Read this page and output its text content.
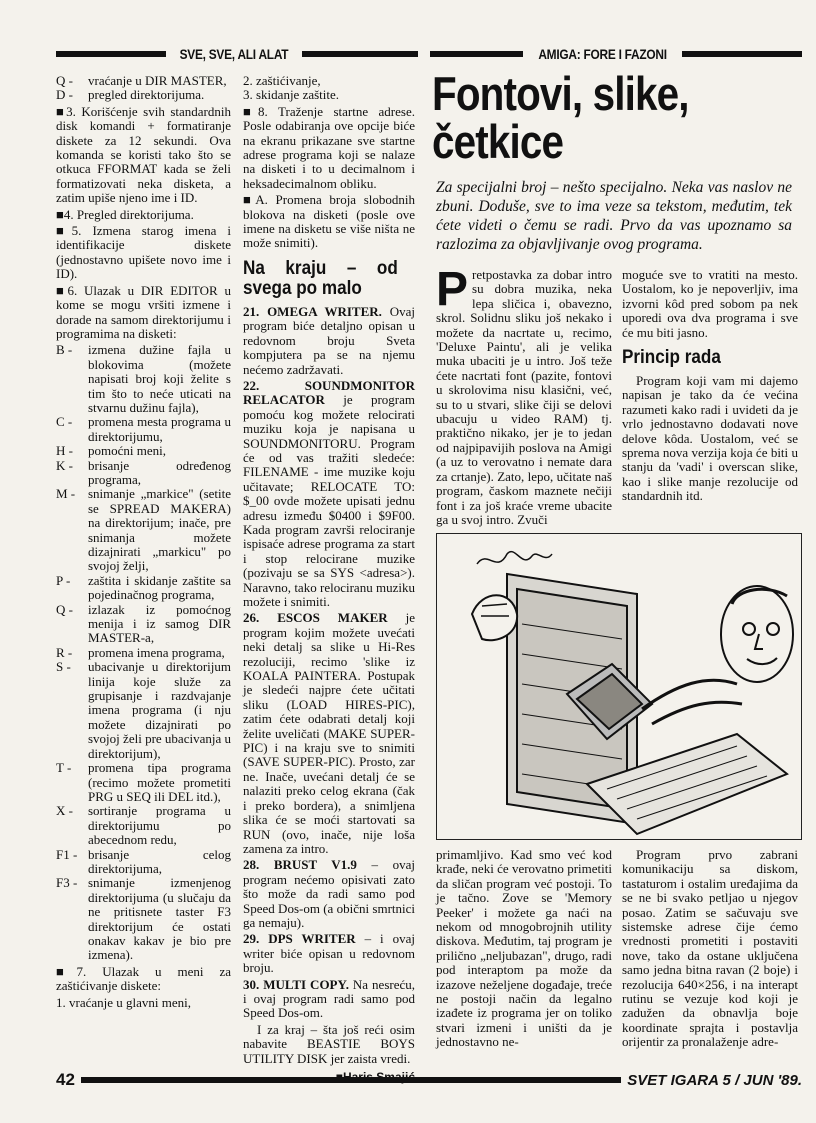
SVE, SVE, ALI ALAT	AMIGA: FORE I FAZONI
Q -	vraćanje u DIR MASTER,
D -	pregled direktorijuma.

■3. Korišćenje svih standardnih disk komandi + formatiranje diskete za 12 sekundi. Ova komanda se koristi tako što se otkuca FFORMAT kada se želi formatizovati neka disketa, a zatim upiše njeno ime i ID.

■4. Pregled direktorijuma.

■5. Izmena starog imena i identifikacije diskete (jednostavno upišete novo ime i ID).

■6. Ulazak u DIR EDITOR u kome se mogu vršiti izmene i dorade na samom direktorijumu i programima na disketi:

B -	izmena dužine fajla u blokovima (možete napisati broj koji želite s tim što to neće uticati na stvarnu dužinu fajla),
C -	promena mesta programa u direktorijumu,
H -	pomoćni meni,
K -	brisanje određenog programa,
M - snimanje „markice" (setite se SPREAD MAKERA) na direktorijum; inače, pre snimanja možete dizajnirati „markicu" po svojoj želji,
P -	zaštita i skidanje zaštite sa pojedinačnog programa,
Q -	izlazak iz pomoćnog menija i iz samog DIR MASTER-a,
R -	promena imena programa,
S -	ubacivanje u direktorijum linija koje služe za grupisanje i razdvajanje imena programa (i nju možete dizajnirati po svojoj želi pre ubacivanja u direktorijum),
T -	promena tipa programa (recimo možete prometiti PRG u SEQ ili DEL itd.),
X -	sortiranje programa u direktorijumu po abecednom redu,
F1 - brisanje celog direktorijuma,
F3 - snimanje izmenjenog direktorijuma (u slučaju da ne pritisnete taster F3 direktorijum će ostati onakav kakav je bio pre izmena).

■7. Ulazak u meni za zaštićivanje diskete:

1. vraćanje u glavni meni,
2. zaštićivanje,
3. skidanje zaštite.

■8. Traženje startne adrese. Posle odabiranja ove opcije biće na ekranu prikazane sve startne adrese programa koji se nalaze na disketi i to u decimalnom i heksadecimalnom obliku.

■A. Promena broja slobodnih blokova na disketi (posle ove imene na disketu se više ništa ne može snimiti).

Na kraju – od svega po malo

21. OMEGA WRITER. Ovaj program biće detaljno opisan u redovnom broju Sveta kompjutera pa se na njemu nećemo zadržavati.

22. SOUNDMONITOR RELACATOR je program pomoću kog možete relocirati muziku koja je napisana u SOUNDMONITORU. Program će od vas tražiti sledeće: FILENAME - ime muzike koju učitavate; RELOCATE TO: $_00 ovde možete upisati jednu adresu između $0400 i $9F00. Kada program završi relociranje ispisaće adrese programa za start i stop relocirane muzike (pozivaju se sa SYS <adresa>). Naravno, tako relociranu muziku možete i snimiti.

26. ESCOS MAKER je program kojim možete uvećati neki detalj sa slike u Hi-Res rezoluciji, recimo 'slike iz KOALA PAINTERA. Postupak je sledeći najpre ćete učitati sliku (LOAD HIRES-PIC), zatim ćete odabrati detalj koji želite uveličati (MAKE SUPER-PIC) i na kraju sve to snimiti (SAVE SUPER-PIC). Prosto, zar ne. Inače, uvećani detalj će se nalaziti preko celog ekrana (čak i preko bordera), a snimljena slika će se moći startovati sa RUN (ovo, inače, nije loša zamena za intro.

28. BRUST V1.9 – ovaj program nećemo opisivati zato što može da radi samo pod Speed Dos-om (a obični smrtnici ga nemaju).

29. DPS WRITER – i ovaj writer biće opisan u redovnom broju.

30. MULTI COPY. Na nesreću, i ovaj program radi samo pod Speed Dos-om.

I za kraj – šta još reći osim nabavite BEASTIE BOYS UTILITY DISK jer zaista vredi.

Fontovi, slike,
četkice
Za specijalni broj – nešto specijalno. Neka vas naslov ne zbuni. Doduše, sve to ima veze sa tekstom, međutim, tek ćete videti o čemu se radi. Prvo da vas upoznamo sa razlozima za objavljivanje ovog programa.
Pretpostavka za dobar intro su dobra muzika, neka lepa sličica i, obavezno, skrol. Solidnu sliku još nekako i možete da nacrtate u, recimo, 'Deluxe Paintu', ali je velika muka ubaciti je u intro. Još teže ćete nacrtati font (pazite, fontovi u skrolovima nisu klasični, već, su to u stvari, slike čiji se delovi ubacuju u video RAM) tj. praktično nikako, jer je to jedan od najpipavijih poslova na Amigi (a uz to verovatno i nemate dara za crtanje). Zato, lepo, učitate naš program, časkom maznete nečiji font i za još kraće vreme ubacite ga u svoj intro. Zvuči

moguće sve to vratiti na mesto. Uostalom, ko je nepoverljiv, ima izvorni kôd pred sobom pa nek uporedi ova dva programa i sve će mu biti jasno.

Princip rada

Program koji vam mi dajemo napisan je tako da će većina razumeti kako radi i uvideti da je vrlo jednostavno dodavati nove delove kôda. Uostalom, već se sprema nova verzija koja će biti u stanju da 'vadi' i overscan slike, kao i slike manje rezolucije od standardnih itd.

primamljivo. Kad smo već kod krađe, neki će verovatno primetiti da sličan program već postoji. To je tačno. Zove se 'Memory Peeker' i možete ga naći na nekom od mnogobrojnih utility diskova. Međutim, taj program je prilično „neljubazan", drugo, radi pod interaptom pa može da izazove neželjene događaje, treće ne postoji način da legalno izađete iz programa jer on toliko stvari izmeni i uništi da je jednostavno ne-
Program prvo zabrani komunikaciju sa diskom, tastaturom i ostalim uređajima da se ne bi svako petljao u njegov posao. Zatim se sačuvaju sve sistemske adrese čije ćemo vrednosti prometiti i postaviti nove, tako da ostane uključena samo jedna bitna ravan (2 boje) i rezolucija 640×256, i na interapt rutinu se vezuje kod koji je zadužen da obnavlja boje koordinate sprajta i postavlja orijentir za pronalaženje adre-
42	SVET IGARA 5 / JUN '89.
